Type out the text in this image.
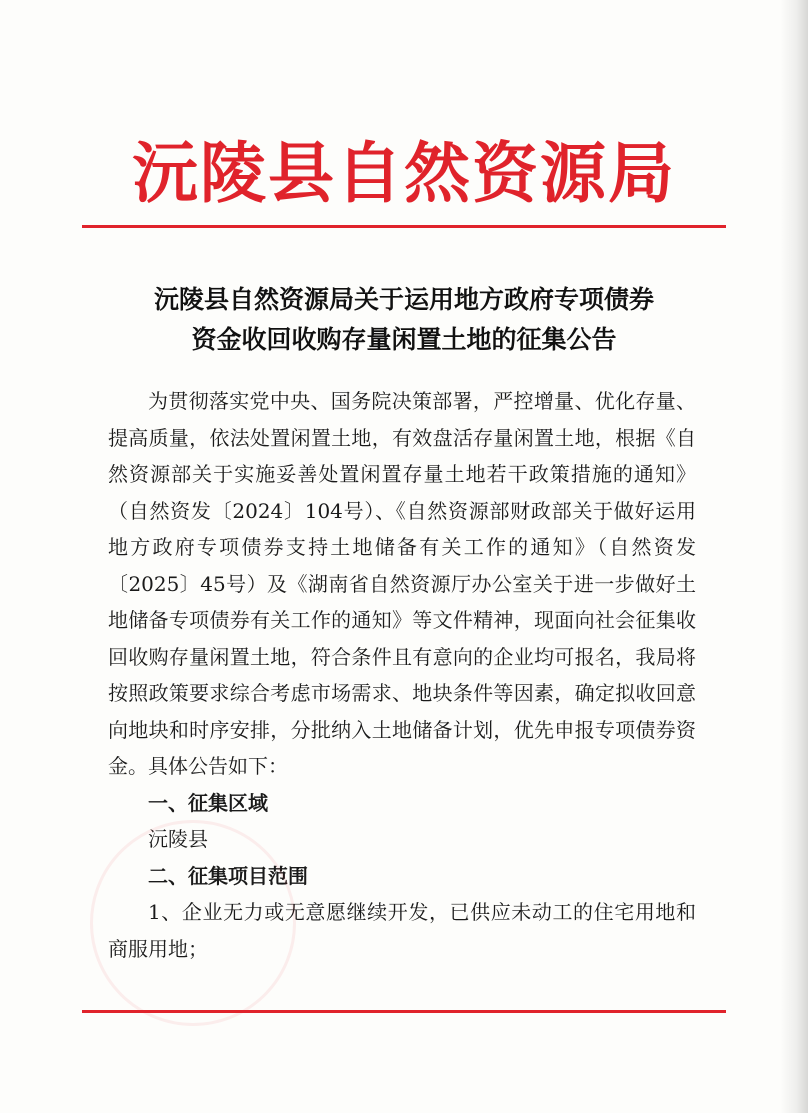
沅陵县自然资源局
沅陵县自然资源局关于运用地方政府专项债券
资金收回收购存量闲置土地的征集公告

为贯彻落实党中央、国务院决策部署，严控增量、优化存量、提高质量，依法处置闲置土地，有效盘活存量闲置土地，根据《自然资源部关于实施妥善处置闲置存量土地若干政策措施的通知》（自然资发〔2024〕104号）、《自然资源部财政部关于做好运用地方政府专项债券支持土地储备有关工作的通知》（自然资发〔2025〕45号）及《湖南省自然资源厅办公室关于进一步做好土地储备专项债券有关工作的通知》等文件精神，现面向社会征集收回收购存量闲置土地，符合条件且有意向的企业均可报名，我局将按照政策要求综合考虑市场需求、地块条件等因素，确定拟收回意向地块和时序安排，分批纳入土地储备计划，优先申报专项债券资金。具体公告如下：

一、征集区域

沅陵县

二、征集项目范围

1、企业无力或无意愿继续开发，已供应未动工的住宅用地和商服用地；
